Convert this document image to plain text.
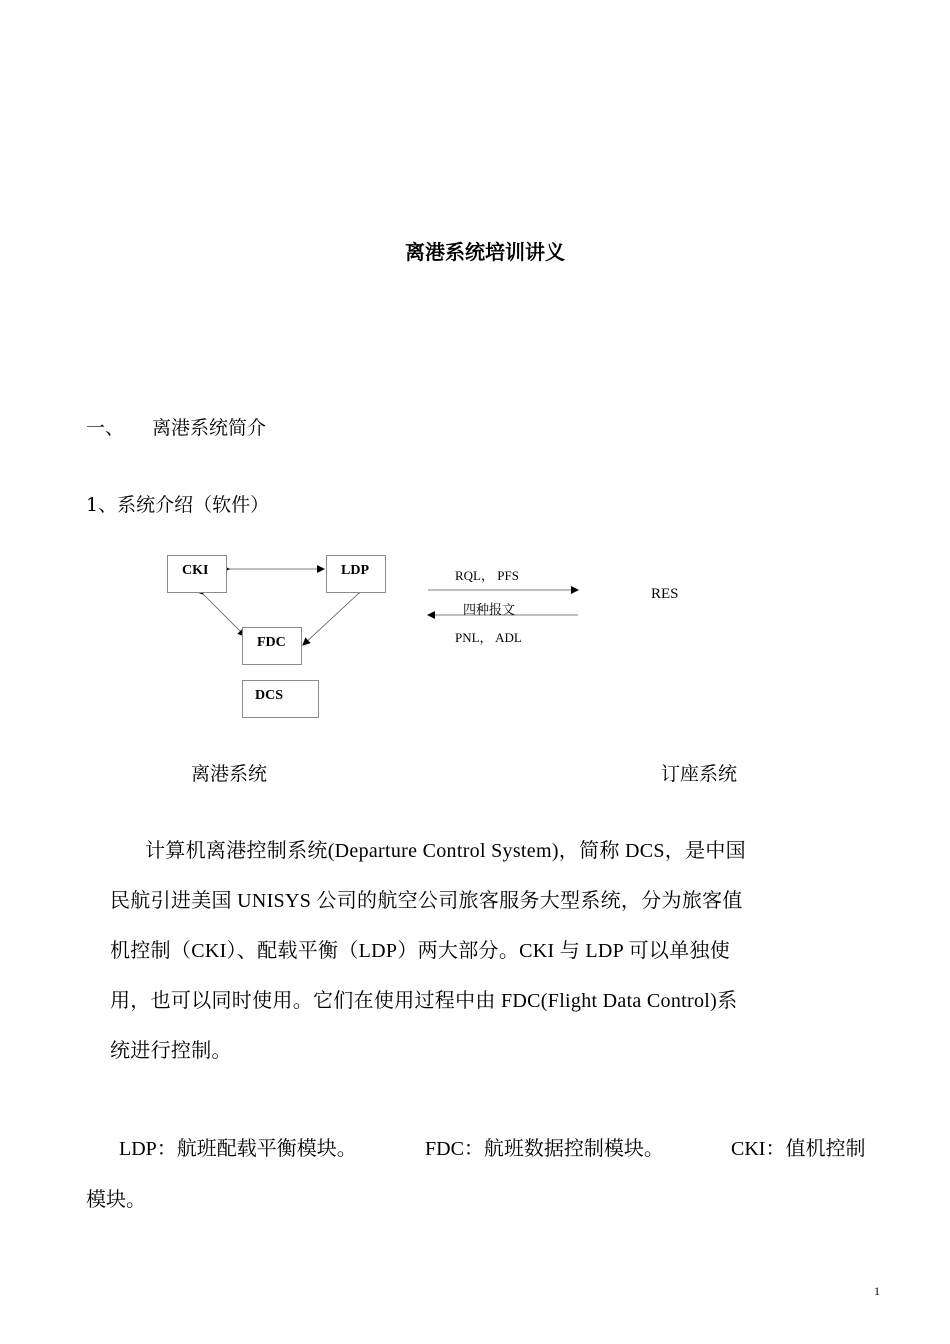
离港系统培训讲义
一、 离港系统简介
1、系统介绍（软件）
CKI	LDP
FDC
DCS
RQL， PFS
四种报文
PNL， ADL
RES
离港系统	订座系统
计算机离港控制系统(Departure Control System)，简称 DCS，是中国
民航引进美国 UNISYS 公司的航空公司旅客服务大型系统，分为旅客值
机控制（CKI）、配载平衡（LDP）两大部分。CKI 与 LDP 可以单独使
用，也可以同时使用。它们在使用过程中由 FDC(Flight Data Control)系
统进行控制。
LDP：航班配载平衡模块。	FDC：航班数据控制模块。	CKI：值机控制
模块。
1
